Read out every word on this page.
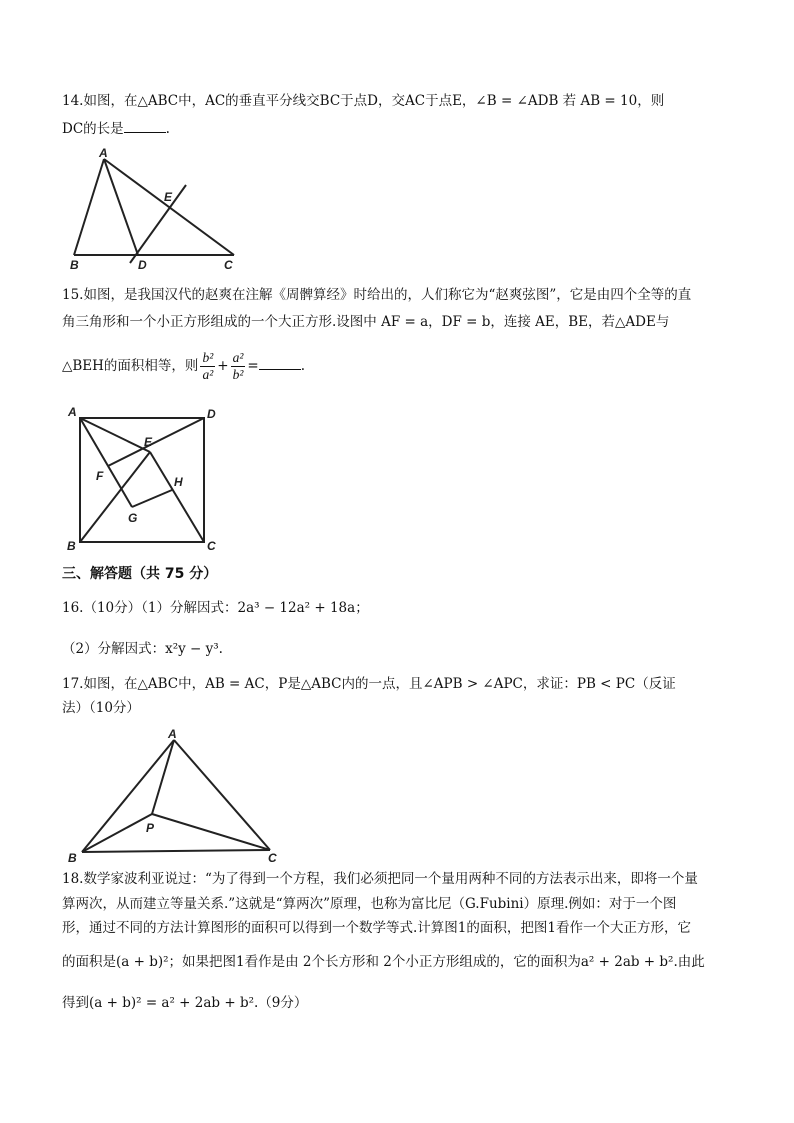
14.如图，在△ABC中，AC的垂直平分线交BC于点D，交AC于点E，∠B = ∠ADB 若 AB = 10，则
DC的长是	.
A
B	D	C
E
15.如图，是我国汉代的赵爽在注解《周髀算经》时给出的，人们称它为“赵爽弦图”，它是由四个全等的直
角三角形和一个小正方形组成的一个大正方形.设图中 AF = a，DF = b，连接 AE，BE，若△ADE与
△BEH的面积相等，则 $\frac{\text{b²}}{\text{a²}} + \frac{\text{a²}}{\text{b²}}$ =	.
A	D
B	C
E
F
G
H
三、解答题（共 75 分）
16.（10分）（1）分解因式：2a³ − 12a² + 18a；
（2）分解因式：x²y − y³.
17.如图，在△ABC中，AB = AC，P是△ABC内的一点，且∠APB > ∠APC，求证：PB < PC（反证
法）（10分）
A
P
B	C
18.数学家波利亚说过：“为了得到一个方程，我们必须把同一个量用两种不同的方法表示出来，即将一个量
算两次，从而建立等量关系.”这就是“算两次”原理，也称为富比尼（G.Fubini）原理.例如：对于一个图
形，通过不同的方法计算图形的面积可以得到一个数学等式.计算图1的面积，把图1看作一个大正方形，它
的面积是(a + b)²；如果把图1看作是由 2个长方形和 2个小正方形组成的，它的面积为a² + 2ab + b².由此
得到(a + b)² = a² + 2ab + b².（9分）
